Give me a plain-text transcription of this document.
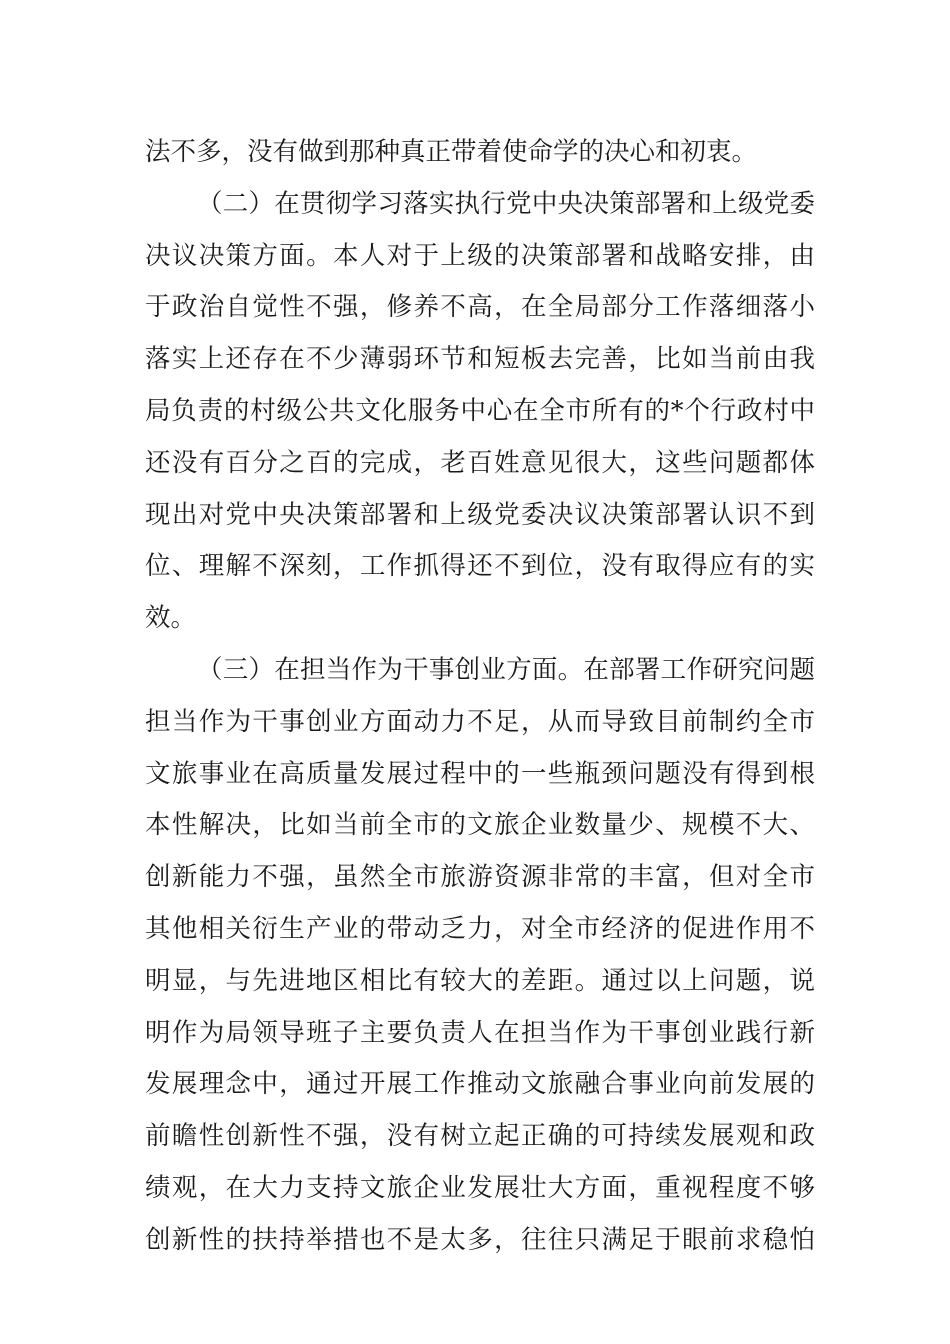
法不多，没有做到那种真正带着使命学的决心和初衷。
（二）在贯彻学习落实执行党中央决策部署和上级党委
决议决策方面。本人对于上级的决策部署和战略安排，由
于政治自觉性不强，修养不高，在全局部分工作落细落小
落实上还存在不少薄弱环节和短板去完善，比如当前由我
局负责的村级公共文化服务中心在全市所有的*个行政村中
还没有百分之百的完成，老百姓意见很大，这些问题都体
现出对党中央决策部署和上级党委决议决策部署认识不到
位、理解不深刻，工作抓得还不到位，没有取得应有的实
效。
（三）在担当作为干事创业方面。在部署工作研究问题
担当作为干事创业方面动力不足，从而导致目前制约全市
文旅事业在高质量发展过程中的一些瓶颈问题没有得到根
本性解决，比如当前全市的文旅企业数量少、规模不大、
创新能力不强，虽然全市旅游资源非常的丰富，但对全市
其他相关衍生产业的带动乏力，对全市经济的促进作用不
明显，与先进地区相比有较大的差距。通过以上问题，说
明作为局领导班子主要负责人在担当作为干事创业践行新
发展理念中，通过开展工作推动文旅融合事业向前发展的
前瞻性创新性不强，没有树立起正确的可持续发展观和政
绩观，在大力支持文旅企业发展壮大方面，重视程度不够
创新性的扶持举措也不是太多，往往只满足于眼前求稳怕
